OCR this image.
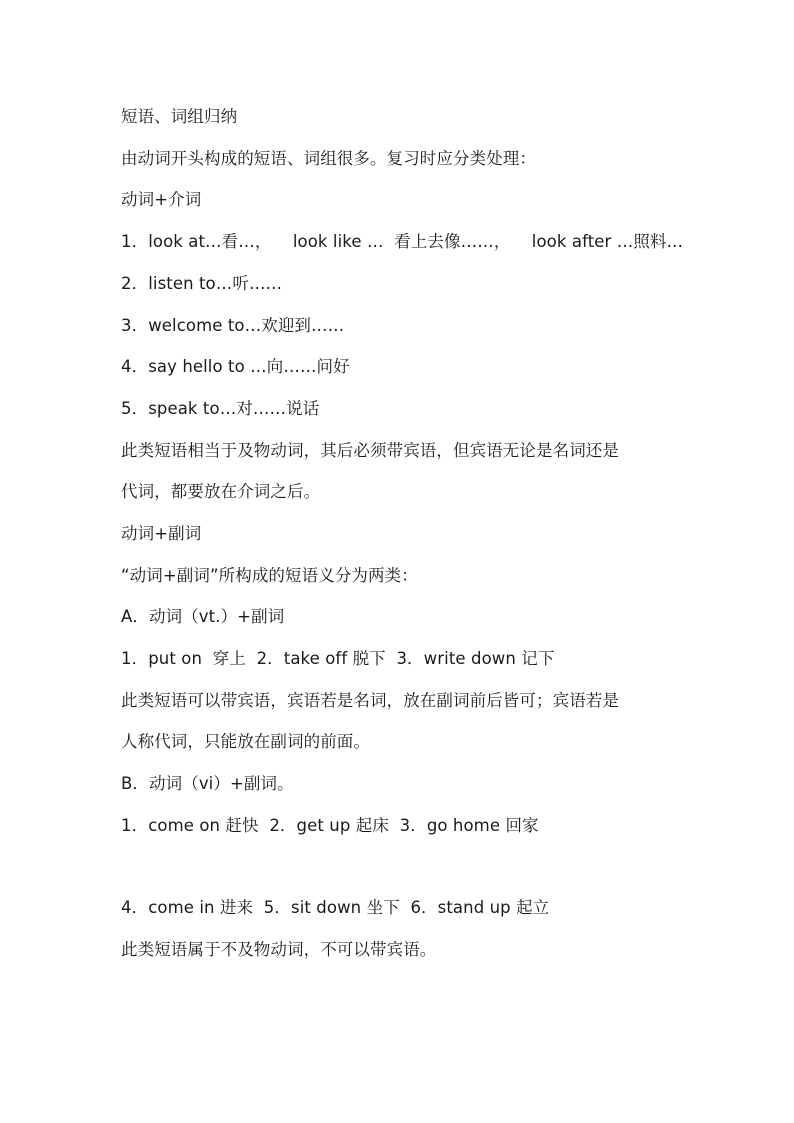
短语、词组归纳
由动词开头构成的短语、词组很多。复习时应分类处理：
动词+介词
1．look at…看…，    look like …  看上去像……，    look after …照料…
2．listen to…听……
3．welcome to…欢迎到……
4．say hello to …向……问好
5．speak to…对……说话
此类短语相当于及物动词，其后必须带宾语，但宾语无论是名词还是
代词，都要放在介词之后。
动词+副词
“动词+副词”所构成的短语义分为两类：
A．动词（vt.）+副词
1．put on  穿上  2．take off 脱下  3．write down 记下
此类短语可以带宾语，宾语若是名词，放在副词前后皆可；宾语若是
人称代词，只能放在副词的前面。
B．动词（vi）+副词。
1．come on 赶快  2．get up 起床  3．go home 回家
4．come in 进来  5．sit down 坐下  6．stand up 起立
此类短语属于不及物动词，不可以带宾语。
